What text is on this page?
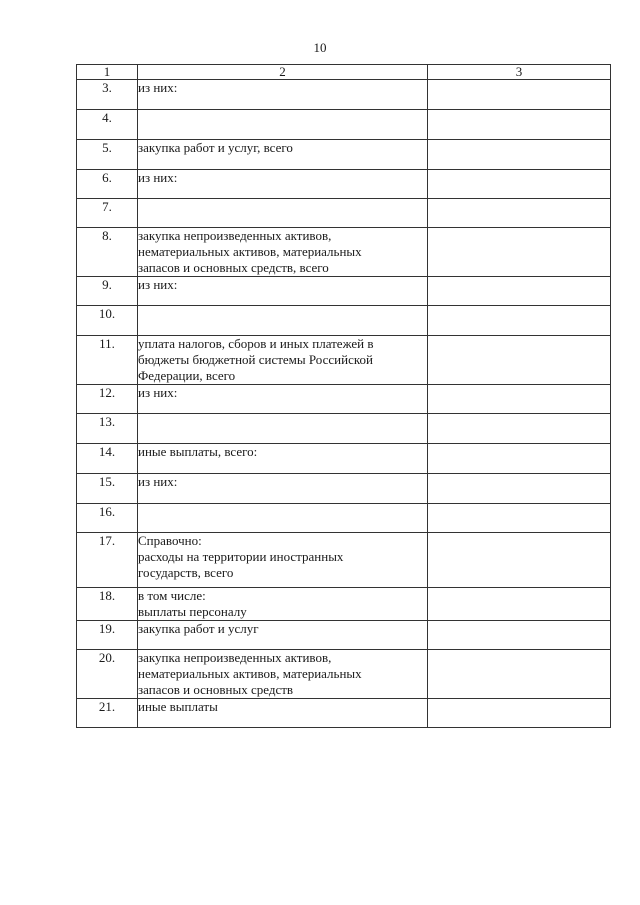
10
1	2	3
3.	из них:	
4.		
5.	закупка работ и услуг, всего	
6.	из них:	
7.		
8.	закупка непроизведенных активов,
нематериальных активов, материальных
запасов и основных средств, всего	
9.	из них:	
10.		
11.	уплата налогов, сборов и иных платежей в
бюджеты бюджетной системы Российской
Федерации, всего	
12.	из них:	
13.		
14.	иные выплаты, всего:	
15.	из них:	
16.		
17.	Справочно:
расходы на территории иностранных
государств, всего	
18.	в том числе:
выплаты персоналу	
19.	закупка работ и услуг	
20.	закупка непроизведенных активов,
нематериальных активов, материальных
запасов и основных средств	
21.	иные выплаты	
